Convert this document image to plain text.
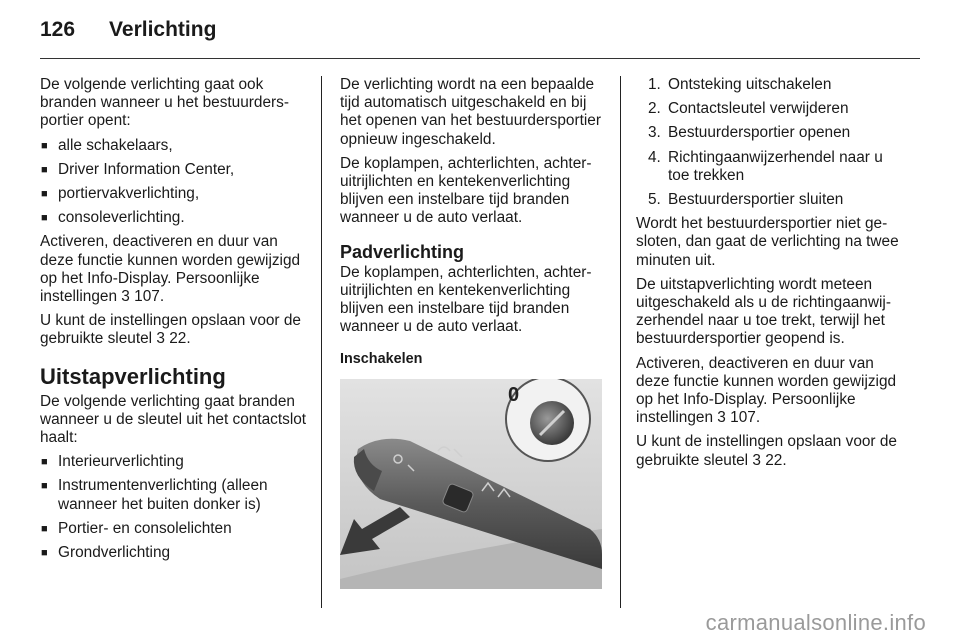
126 Verlichting

De volgende verlichting gaat ook branden wanneer u het bestuurdersportier opent:

■ alle schakelaars,
■ Driver Information Center,
■ portiervakverlichting,
■ consoleverlichting.

Activeren, deactiveren en duur van deze functie kunnen worden gewijzigd op het Info-Display. Persoonlijke instellingen 3 107.

U kunt de instellingen opslaan voor de gebruikte sleutel 3 22.

Uitstapverlichting

De volgende verlichting gaat branden wanneer u de sleutel uit het contactslot haalt:

■ Interieurverlichting
■ Instrumentenverlichting (alleen wanneer het buiten donker is)
■ Portier- en consolelichten
■ Grondverlichting

De verlichting wordt na een bepaalde tijd automatisch uitgeschakeld en bij het openen van het bestuurdersportier opnieuw ingeschakeld.

De koplampen, achterlichten, achteruitrijlichten en kentekenverlichting blijven een instelbare tijd branden wanneer u de auto verlaat.

Padverlichting

De koplampen, achterlichten, achteruitrijlichten en kentekenverlichting blijven een instelbare tijd branden wanneer u de auto verlaat.

Inschakelen
0
1. Ontsteking uitschakelen
2. Contactsleutel verwijderen
3. Bestuurdersportier openen
4. Richtingaanwijzerhendel naar u toe trekken
5. Bestuurdersportier sluiten

Wordt het bestuurdersportier niet gesloten, dan gaat de verlichting na twee minuten uit.

De uitstapverlichting wordt meteen uitgeschakeld als u de richtingaanwijzerhendel naar u toe trekt, terwijl het bestuurdersportier geopend is.

Activeren, deactiveren en duur van deze functie kunnen worden gewijzigd op het Info-Display. Persoonlijke instellingen 3 107.

U kunt de instellingen opslaan voor de gebruikte sleutel 3 22.

carmanualsonline.info
